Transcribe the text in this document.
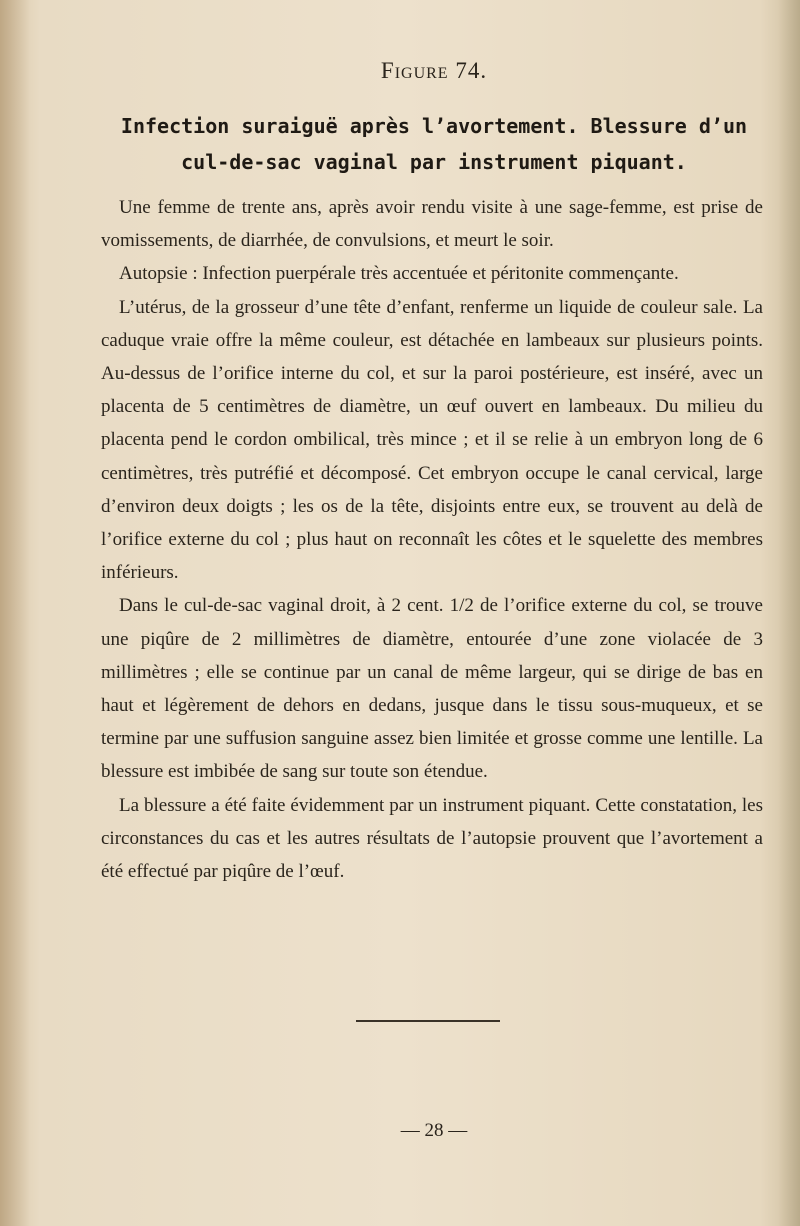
Figure 74.
Infection suraiguë après l’avortement. Blessure d’un cul-de-sac vaginal par instrument piquant.

Une femme de trente ans, après avoir rendu visite à une sage-femme, est prise de vomissements, de diarrhée, de convulsions, et meurt le soir.

Autopsie : Infection puerpérale très accentuée et péritonite commençante.

L’utérus, de la grosseur d’une tête d’enfant, renferme un liquide de couleur sale. La caduque vraie offre la même couleur, est détachée en lambeaux sur plusieurs points. Au-dessus de l’orifice interne du col, et sur la paroi postérieure, est inséré, avec un placenta de 5 centimètres de diamètre, un œuf ouvert en lambeaux. Du milieu du placenta pend le cordon ombilical, très mince ; et il se relie à un embryon long de 6 centimètres, très putréfié et décomposé. Cet embryon occupe le canal cervical, large d’environ deux doigts ; les os de la tête, disjoints entre eux, se trouvent au delà de l’orifice externe du col ; plus haut on reconnaît les côtes et le squelette des membres inférieurs.

Dans le cul-de-sac vaginal droit, à 2 cent. 1/2 de l’orifice externe du col, se trouve une piqûre de 2 millimètres de diamètre, entourée d’une zone violacée de 3 millimètres ; elle se continue par un canal de même largeur, qui se dirige de bas en haut et légèrement de dehors en dedans, jusque dans le tissu sous-muqueux, et se termine par une suffusion sanguine assez bien limitée et grosse comme une lentille. La blessure est imbibée de sang sur toute son étendue.

La blessure a été faite évidemment par un instrument piquant. Cette constatation, les circonstances du cas et les autres résultats de l’autopsie prouvent que l’avortement a été effectué par piqûre de l’œuf.

— 28 —
